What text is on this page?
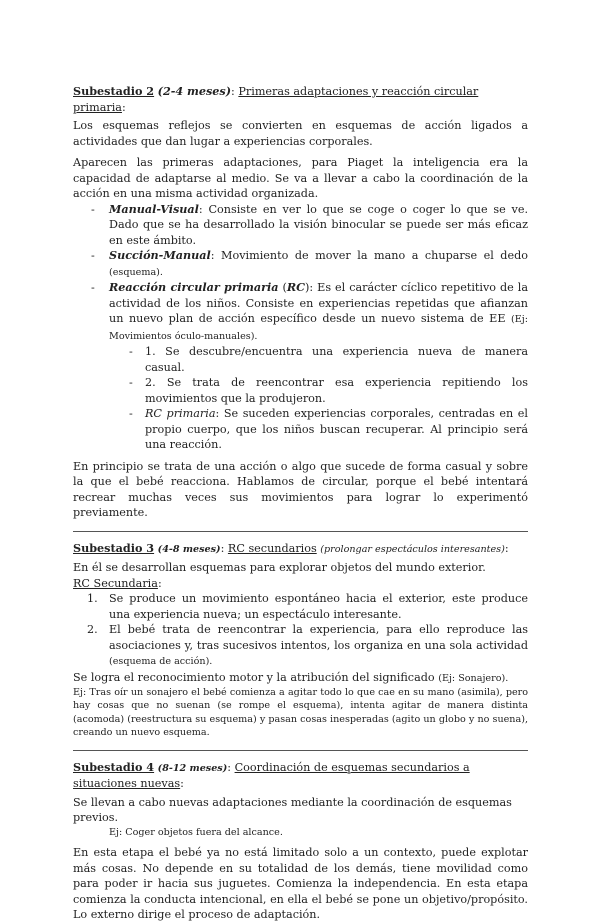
Subestadio 2 (2-4 meses): Primeras adaptaciones y reacción circular primaria:

Los esquemas reflejos se convierten en esquemas de acción ligados a actividades que dan lugar a experiencias corporales.

Aparecen las primeras adaptaciones, para Piaget la inteligencia era la capacidad de adaptarse al medio. Se va a llevar a cabo la coordinación de la acción en una misma actividad organizada.

- Manual-Visual: Consiste en ver lo que se coge o coger lo que se ve. Dado que se ha desarrollado la visión binocular se puede ser más eficaz en este ámbito.
- Succión-Manual: Movimiento de mover la mano a chuparse el dedo (esquema).
- Reacción circular primaria (RC): Es el carácter cíclico repetitivo de la actividad de los niños. Consiste en experiencias repetidas que afianzan un nuevo plan de acción específico desde un nuevo sistema de EE (Ej: Movimientos óculo-manuales).
- 1. Se descubre/encuentra una experiencia nueva de manera casual.
- 2. Se trata de reencontrar esa experiencia repitiendo los movimientos que la produjeron.
- RC primaria: Se suceden experiencias corporales, centradas en el propio cuerpo, que los niños buscan recuperar. Al principio será una reacción.

En principio se trata de una acción o algo que sucede de forma casual y sobre la que el bebé reacciona. Hablamos de circular, porque el bebé intentará recrear muchas veces sus movimientos para lograr lo experimentó previamente.

Subestadio 3 (4-8 meses): RC secundarios (prolongar espectáculos interesantes):

En él se desarrollan esquemas para explorar objetos del mundo exterior.

RC Secundaria:

1. Se produce un movimiento espontáneo hacia el exterior, este produce una experiencia nueva; un espectáculo interesante.
2. El bebé trata de reencontrar la experiencia, para ello reproduce las asociaciones y, tras sucesivos intentos, los organiza en una sola actividad (esquema de acción).

Se logra el reconocimiento motor y la atribución del significado (Ej: Sonajero).

Ej: Tras oír un sonajero el bebé comienza a agitar todo lo que cae en su mano (asimila), pero hay cosas que no suenan (se rompe el esquema), intenta agitar de manera distinta (acomoda) (reestructura su esquema) y pasan cosas inesperadas (agito un globo y no suena), creando un nuevo esquema.

Subestadio 4 (8-12 meses): Coordinación de esquemas secundarios a situaciones nuevas:

Se llevan a cabo nuevas adaptaciones mediante la coordinación de esquemas previos.

Ej: Coger objetos fuera del alcance.

En esta etapa el bebé ya no está limitado solo a un contexto, puede explotar más cosas. No depende en su totalidad de los demás, tiene movilidad como para poder ir hacia sus juguetes. Comienza la independencia. En esta etapa comienza la conducta intencional, en ella el bebé se pone un objetivo/propósito. Lo externo dirige el proceso de adaptación.
